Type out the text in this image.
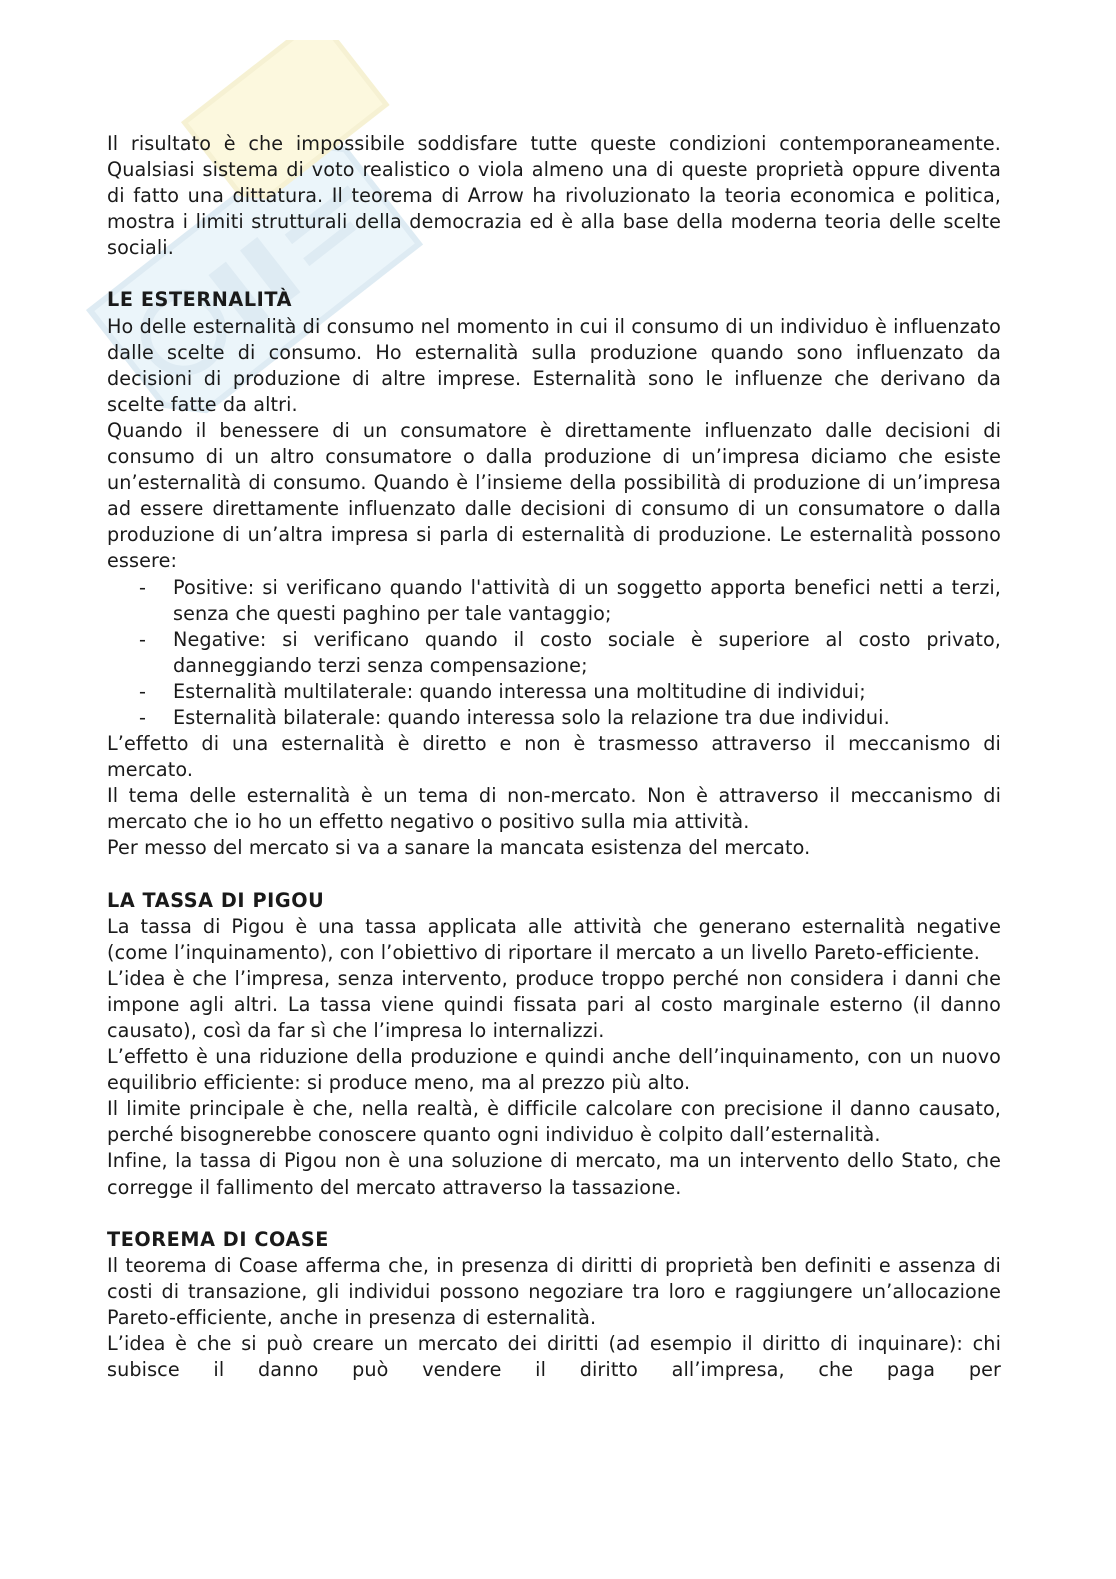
Il risultato è che impossibile soddisfare tutte queste condizioni contemporaneamente. Qualsiasi sistema di voto realistico o viola almeno una di queste proprietà oppure diventa di fatto una dittatura. Il teorema di Arrow ha rivoluzionato la teoria economica e politica, mostra i limiti strutturali della democrazia ed è alla base della moderna teoria delle scelte sociali.

LE ESTERNALITÀ

Ho delle esternalità di consumo nel momento in cui il consumo di un individuo è influenzato dalle scelte di consumo. Ho esternalità sulla produzione quando sono influenzato da decisioni di produzione di altre imprese. Esternalità sono le influenze che derivano da scelte fatte da altri.

Quando il benessere di un consumatore è direttamente influenzato dalle decisioni di consumo di un altro consumatore o dalla produzione di un’impresa diciamo che esiste un’esternalità di consumo. Quando è l’insieme della possibilità di produzione di un’impresa ad essere direttamente influenzato dalle decisioni di consumo di un consumatore o dalla produzione di un’altra impresa si parla di esternalità di produzione. Le esternalità possono essere:

- Positive: si verificano quando l'attività di un soggetto apporta benefici netti a terzi, senza che questi paghino per tale vantaggio;
- Negative: si verificano quando il costo sociale è superiore al costo privato, danneggiando terzi senza compensazione;
- Esternalità multilaterale: quando interessa una moltitudine di individui;
- Esternalità bilaterale: quando interessa solo la relazione tra due individui.

L’effetto di una esternalità è diretto e non è trasmesso attraverso il meccanismo di mercato.

Il tema delle esternalità è un tema di non-mercato. Non è attraverso il meccanismo di mercato che io ho un effetto negativo o positivo sulla mia attività.

Per messo del mercato si va a sanare la mancata esistenza del mercato.

LA TASSA DI PIGOU

La tassa di Pigou è una tassa applicata alle attività che generano esternalità negative (come l’inquinamento), con l’obiettivo di riportare il mercato a un livello Pareto-efficiente.

L’idea è che l’impresa, senza intervento, produce troppo perché non considera i danni che impone agli altri. La tassa viene quindi fissata pari al costo marginale esterno (il danno causato), così da far sì che l’impresa lo internalizzi.

L’effetto è una riduzione della produzione e quindi anche dell’inquinamento, con un nuovo equilibrio efficiente: si produce meno, ma al prezzo più alto.

Il limite principale è che, nella realtà, è difficile calcolare con precisione il danno causato, perché bisognerebbe conoscere quanto ogni individuo è colpito dall’esternalità.

Infine, la tassa di Pigou non è una soluzione di mercato, ma un intervento dello Stato, che corregge il fallimento del mercato attraverso la tassazione.

TEOREMA DI COASE

Il teorema di Coase afferma che, in presenza di diritti di proprietà ben definiti e assenza di costi di transazione, gli individui possono negoziare tra loro e raggiungere un’allocazione Pareto-efficiente, anche in presenza di esternalità.

L’idea è che si può creare un mercato dei diritti (ad esempio il diritto di inquinare): chi subisce il danno può vendere il diritto all’impresa, che paga per
